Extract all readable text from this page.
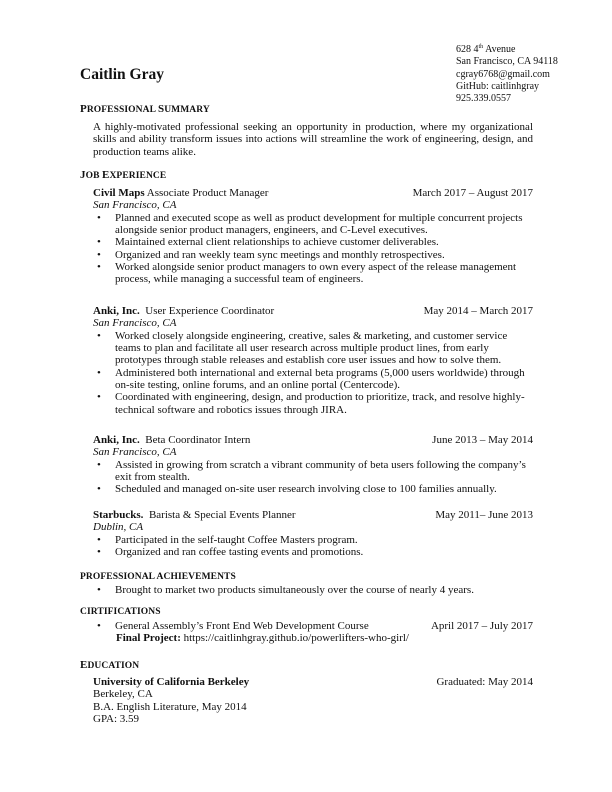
Caitlin Gray
628 4th Avenue
San Francisco, CA 94118
cgray6768@gmail.com
GitHub: caitlinhgray
925.339.0557
PROFESSIONAL SUMMARY
A highly-motivated professional seeking an opportunity in production, where my organizational skills and ability transform issues into actions will streamline the work of engineering, design, and production teams alike.
JOB EXPERIENCE
Civil Maps Associate Product Manager	March 2017 – August 2017
San Francisco, CA
• Planned and executed scope as well as product development for multiple concurrent projects alongside senior product managers, engineers, and C-Level executives.
• Maintained external client relationships to achieve customer deliverables.
• Organized and ran weekly team sync meetings and monthly retrospectives.
• Worked alongside senior product managers to own every aspect of the release management process, while managing a successful team of engineers.
Anki, Inc.  User Experience Coordinator	May 2014 – March 2017
San Francisco, CA
• Worked closely alongside engineering, creative, sales & marketing, and customer service teams to plan and facilitate all user research across multiple product lines, from early prototypes through stable releases and establish core user issues and how to solve them.
• Administered both international and external beta programs (5,000 users worldwide) through on-site testing, online forums, and an online portal (Centercode).
• Coordinated with engineering, design, and production to prioritize, track, and resolve highly-technical software and robotics issues through JIRA.
Anki, Inc.  Beta Coordinator Intern	June 2013 – May 2014
San Francisco, CA
• Assisted in growing from scratch a vibrant community of beta users following the company’s exit from stealth.
• Scheduled and managed on-site user research involving close to 100 families annually.
Starbucks.  Barista & Special Events Planner	May 2011– June 2013
Dublin, CA
• Participated in the self-taught Coffee Masters program.
• Organized and ran coffee tasting events and promotions.
PROFESSIONAL ACHIEVEMENTS
• Brought to market two products simultaneously over the course of nearly 4 years.
CIRTIFICATIONS
• General Assembly’s Front End Web Development Course	April 2017 – July 2017
Final Project: https://caitlinhgray.github.io/powerlifters-who-girl/
EDUCATION
University of California Berkeley	Graduated: May 2014
Berkeley, CA
B.A. English Literature, May 2014
GPA: 3.59
